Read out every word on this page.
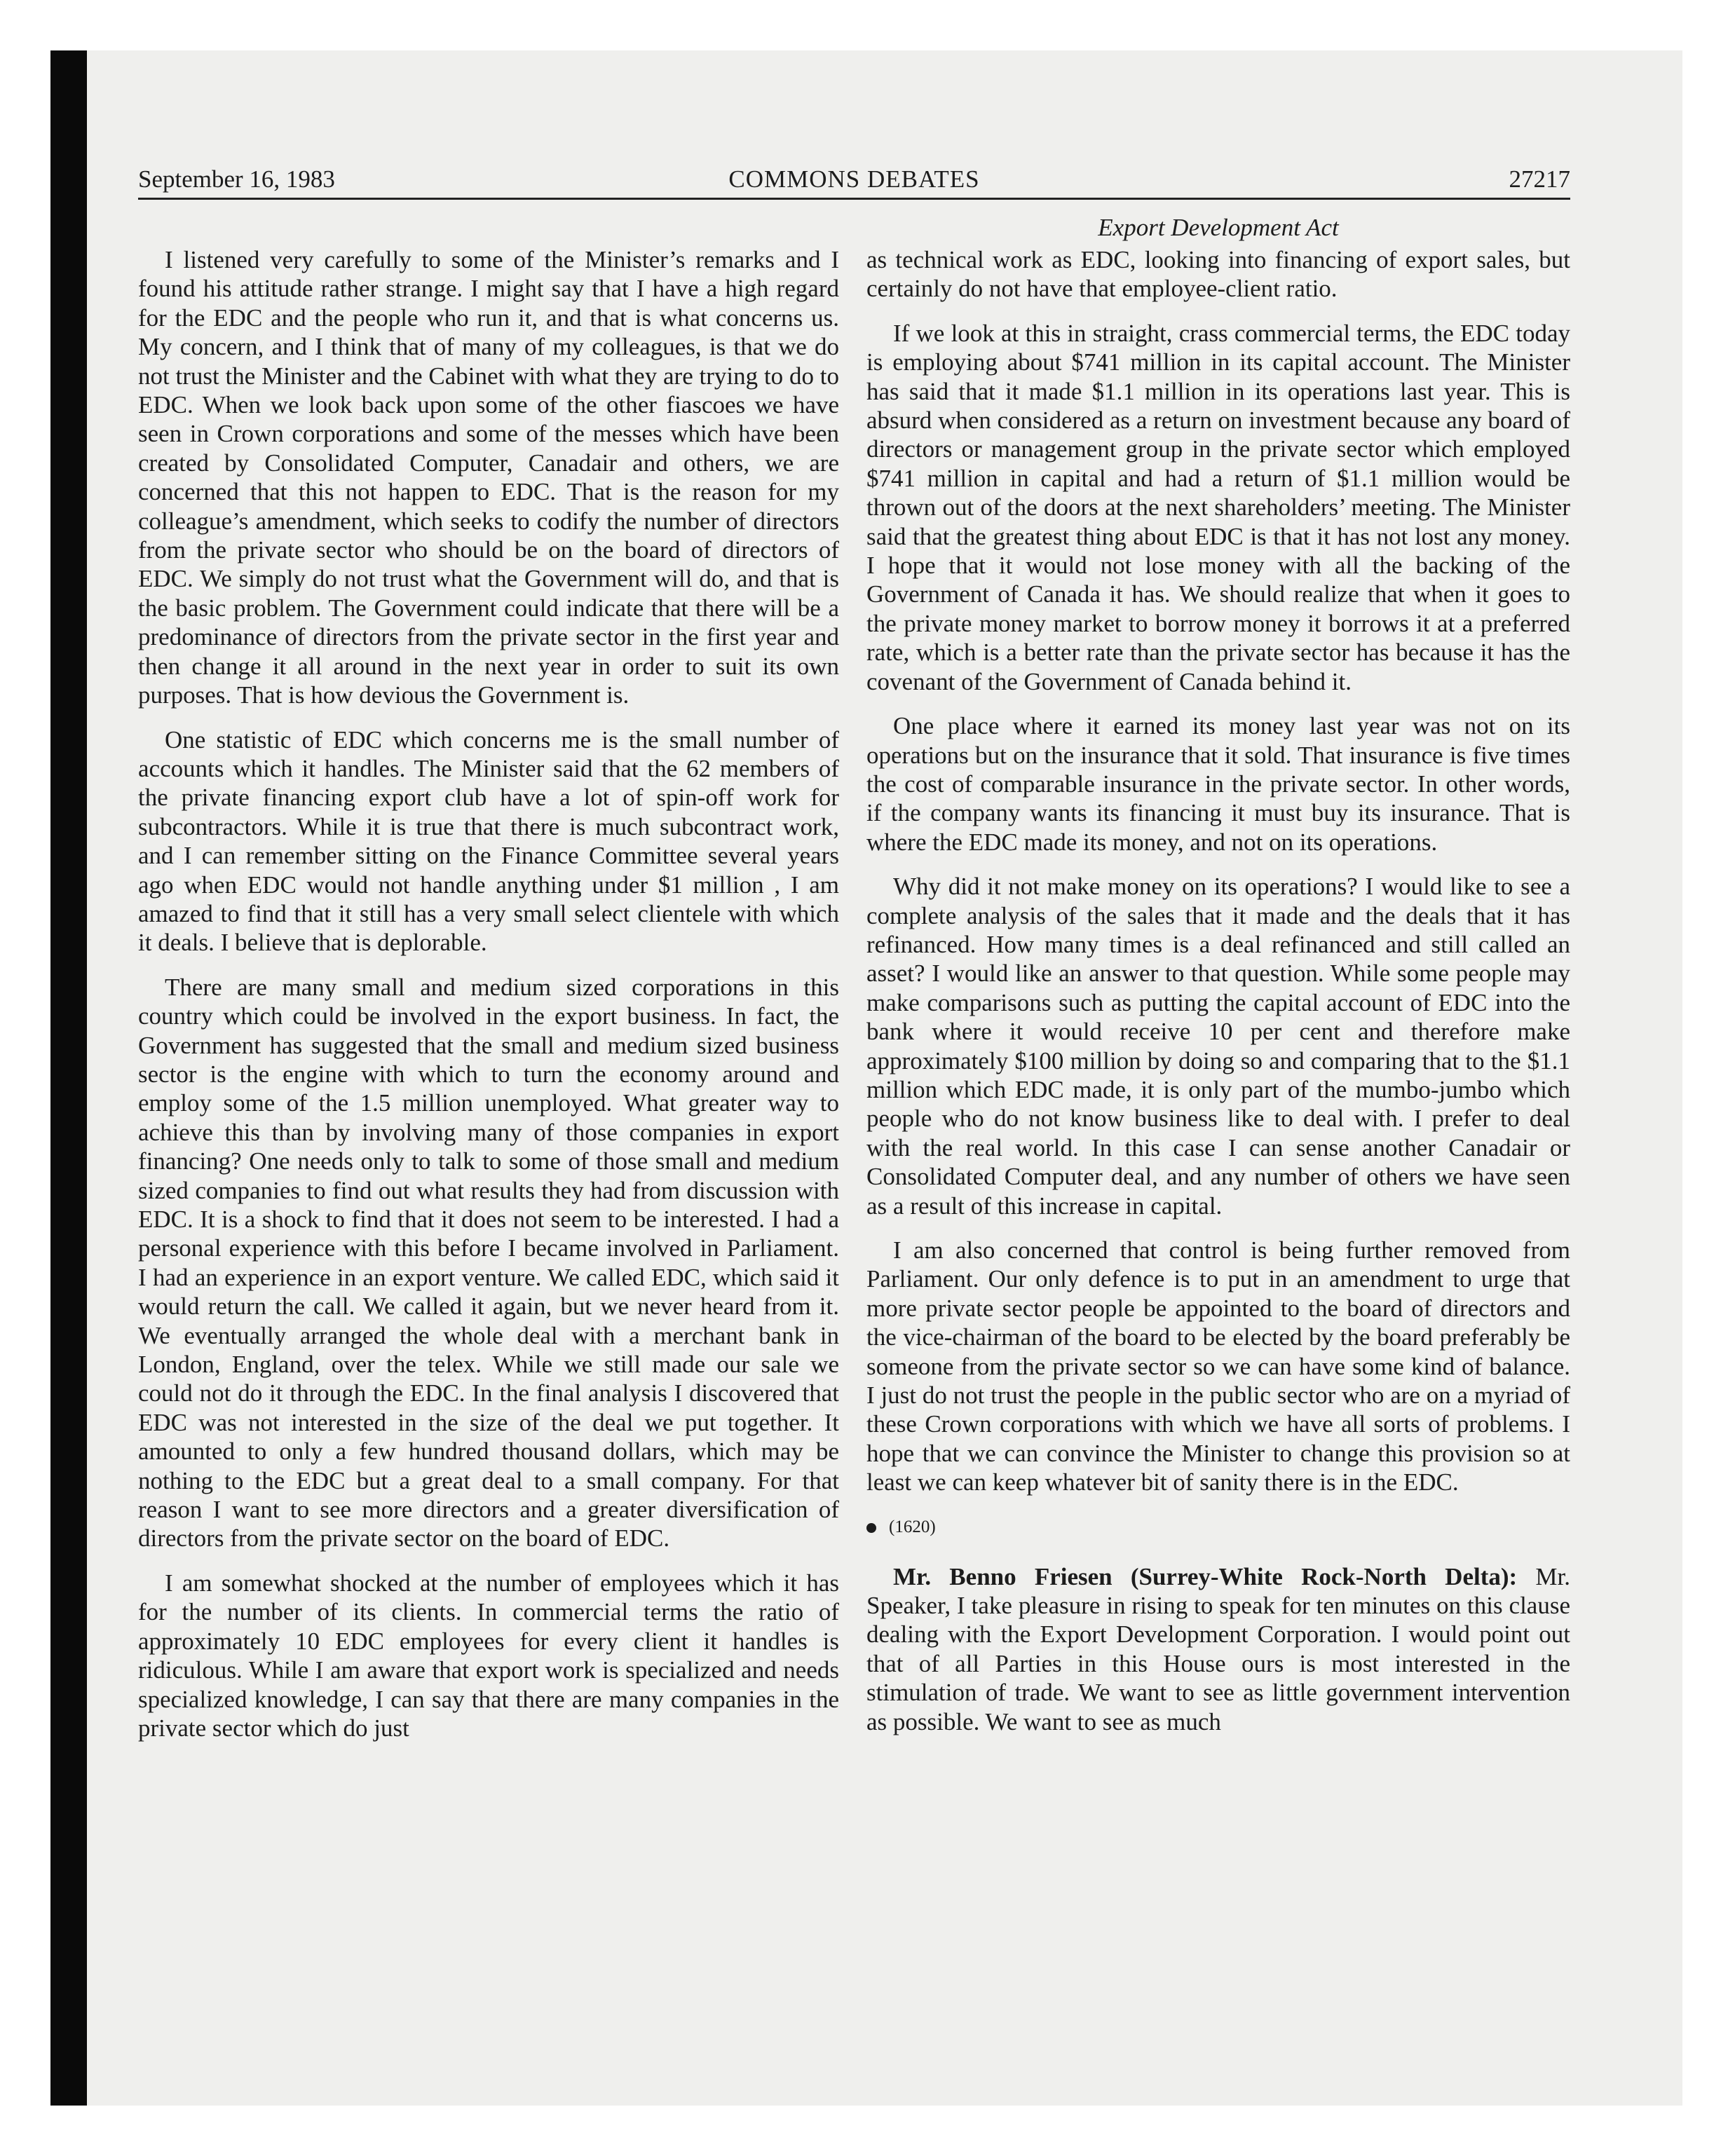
September 16, 1983	COMMONS DEBATES	27217
Export Development Act

I listened very carefully to some of the Minister’s remarks and I found his attitude rather strange. I might say that I have a high regard for the EDC and the people who run it, and that is what concerns us. My concern, and I think that of many of my colleagues, is that we do not trust the Minister and the Cabinet with what they are trying to do to EDC. When we look back upon some of the other fiascoes we have seen in Crown corporations and some of the messes which have been created by Consolidated Computer, Canadair and others, we are concerned that this not happen to EDC. That is the reason for my colleague’s amendment, which seeks to codify the number of directors from the private sector who should be on the board of directors of EDC. We simply do not trust what the Government will do, and that is the basic problem. The Government could indicate that there will be a predominance of directors from the private sector in the first year and then change it all around in the next year in order to suit its own purposes. That is how devious the Government is.

One statistic of EDC which concerns me is the small number of accounts which it handles. The Minister said that the 62 members of the private financing export club have a lot of spin-off work for subcontractors. While it is true that there is much subcontract work, and I can remember sitting on the Finance Committee several years ago when EDC would not handle anything under $1 million , I am amazed to find that it still has a very small select clientele with which it deals. I believe that is deplorable.

There are many small and medium sized corporations in this country which could be involved in the export business. In fact, the Government has suggested that the small and medium sized business sector is the engine with which to turn the economy around and employ some of the 1.5 million unemployed. What greater way to achieve this than by involving many of those companies in export financing? One needs only to talk to some of those small and medium sized companies to find out what results they had from discussion with EDC. It is a shock to find that it does not seem to be interested. I had a personal experience with this before I became involved in Parliament. I had an experience in an export venture. We called EDC, which said it would return the call. We called it again, but we never heard from it. We eventually arranged the whole deal with a merchant bank in London, England, over the telex. While we still made our sale we could not do it through the EDC. In the final analysis I discovered that EDC was not interested in the size of the deal we put together. It amounted to only a few hundred thousand dollars, which may be nothing to the EDC but a great deal to a small company. For that reason I want to see more directors and a greater diversification of directors from the private sector on the board of EDC.

I am somewhat shocked at the number of employees which it has for the number of its clients. In commercial terms the ratio of approximately 10 EDC employees for every client it handles is ridiculous. While I am aware that export work is specialized and needs specialized knowledge, I can say that there are many companies in the private sector which do just

as technical work as EDC, looking into financing of export sales, but certainly do not have that employee-client ratio.

If we look at this in straight, crass commercial terms, the EDC today is employing about $741 million in its capital account. The Minister has said that it made $1.1 million in its operations last year. This is absurd when considered as a return on investment because any board of directors or management group in the private sector which employed $741 million in capital and had a return of $1.1 million would be thrown out of the doors at the next shareholders’ meeting. The Minister said that the greatest thing about EDC is that it has not lost any money. I hope that it would not lose money with all the backing of the Government of Canada it has. We should realize that when it goes to the private money market to borrow money it borrows it at a preferred rate, which is a better rate than the private sector has because it has the covenant of the Government of Canada behind it.

One place where it earned its money last year was not on its operations but on the insurance that it sold. That insurance is five times the cost of comparable insurance in the private sector. In other words, if the company wants its financing it must buy its insurance. That is where the EDC made its money, and not on its operations.

Why did it not make money on its operations? I would like to see a complete analysis of the sales that it made and the deals that it has refinanced. How many times is a deal refinanced and still called an asset? I would like an answer to that question. While some people may make comparisons such as putting the capital account of EDC into the bank where it would receive 10 per cent and therefore make approximately $100 million by doing so and comparing that to the $1.1 million which EDC made, it is only part of the mumbo-jumbo which people who do not know business like to deal with. I prefer to deal with the real world. In this case I can sense another Canadair or Consolidated Computer deal, and any number of others we have seen as a result of this increase in capital.

I am also concerned that control is being further removed from Parliament. Our only defence is to put in an amendment to urge that more private sector people be appointed to the board of directors and the vice-chairman of the board to be elected by the board preferably be someone from the private sector so we can have some kind of balance. I just do not trust the people in the public sector who are on a myriad of these Crown corporations with which we have all sorts of problems. I hope that we can convince the Minister to change this provision so at least we can keep whatever bit of sanity there is in the EDC.

(1620)

Mr. Benno Friesen (Surrey-White Rock-North Delta): Mr. Speaker, I take pleasure in rising to speak for ten minutes on this clause dealing with the Export Development Corporation. I would point out that of all Parties in this House ours is most interested in the stimulation of trade. We want to see as little government intervention as possible. We want to see as much
